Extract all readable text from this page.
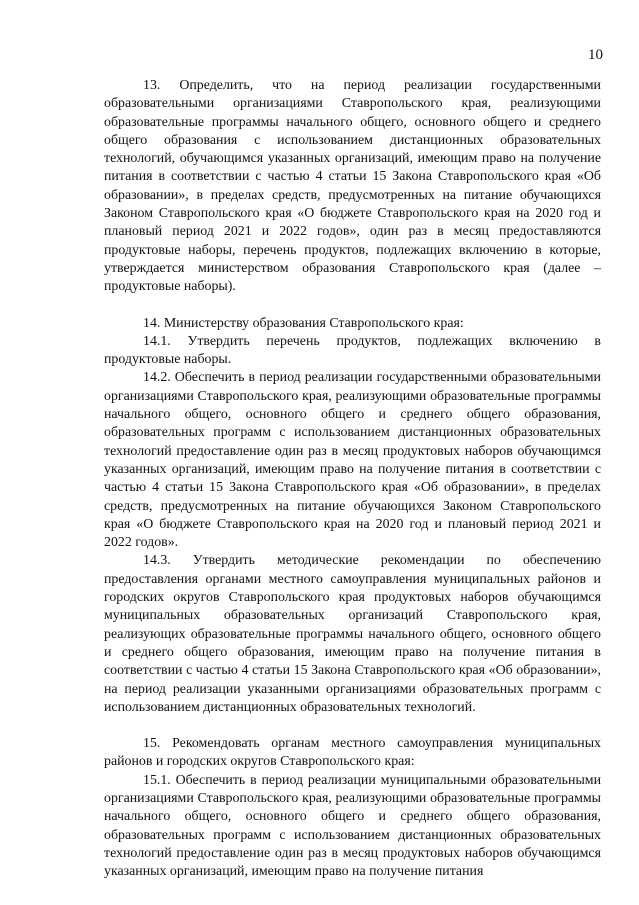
10

13. Определить, что на период реализации государственными образовательными организациями Ставропольского края, реализующими образовательные программы начального общего, основного общего и среднего общего образования с использованием дистанционных образовательных технологий, обучающимся указанных организаций, имеющим право на получение питания в соответствии с частью 4 статьи 15 Закона Ставропольского края «Об образовании», в пределах средств, предусмотренных на питание обучающихся Законом Ставропольского края «О бюджете Ставропольского края на 2020 год и плановый период 2021 и 2022 годов», один раз в месяц предоставляются продуктовые наборы, перечень продуктов, подлежащих включению в которые, утверждается министерством образования Ставропольского края (далее – продуктовые наборы).

14. Министерству образования Ставропольского края:

14.1. Утвердить перечень продуктов, подлежащих включению в продуктовые наборы.

14.2. Обеспечить в период реализации государственными образовательными организациями Ставропольского края, реализующими образовательные программы начального общего, основного общего и среднего общего образования, образовательных программ с использованием дистанционных образовательных технологий предоставление один раз в месяц продуктовых наборов обучающимся указанных организаций, имеющим право на получение питания в соответствии с частью 4 статьи 15 Закона Ставропольского края «Об образовании», в пределах средств, предусмотренных на питание обучающихся Законом Ставропольского края «О бюджете Ставропольского края на 2020 год и плановый период 2021 и 2022 годов».

14.3. Утвердить методические рекомендации по обеспечению предоставления органами местного самоуправления муниципальных районов и городских округов Ставропольского края продуктовых наборов обучающимся муниципальных образовательных организаций Ставропольского края, реализующих образовательные программы начального общего, основного общего и среднего общего образования, имеющим право на получение питания в соответствии с частью 4 статьи 15 Закона Ставропольского края «Об образовании», на период реализации указанными организациями образовательных программ с использованием дистанционных образовательных технологий.

15. Рекомендовать органам местного самоуправления муниципальных районов и городских округов Ставропольского края:

15.1. Обеспечить в период реализации муниципальными образовательными организациями Ставропольского края, реализующими образовательные программы начального общего, основного общего и среднего общего образования, образовательных программ с использованием дистанционных образовательных технологий предоставление один раз в месяц продуктовых наборов обучающимся указанных организаций, имеющим право на получение питания
